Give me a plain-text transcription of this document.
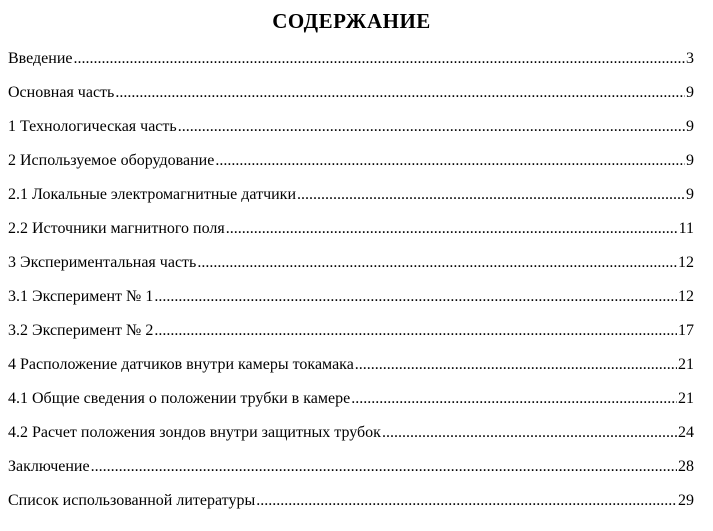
СОДЕРЖАНИЕ
Введение .....	3
Основная часть .....	9
1 Технологическая часть .....	9
2 Используемое оборудование .....	9
2.1 Локальные электромагнитные датчики .....	9
2.2 Источники магнитного поля .....	11
3 Экспериментальная часть .....	12
3.1 Эксперимент № 1 .....	12
3.2 Эксперимент № 2 .....	17
4 Расположение датчиков внутри камеры токамака .....	21
4.1 Общие сведения о положении трубки в камере .....	21
4.2 Расчет положения зондов внутри защитных трубок .....	24
Заключение .....	28
Список использованной литературы .....	29
